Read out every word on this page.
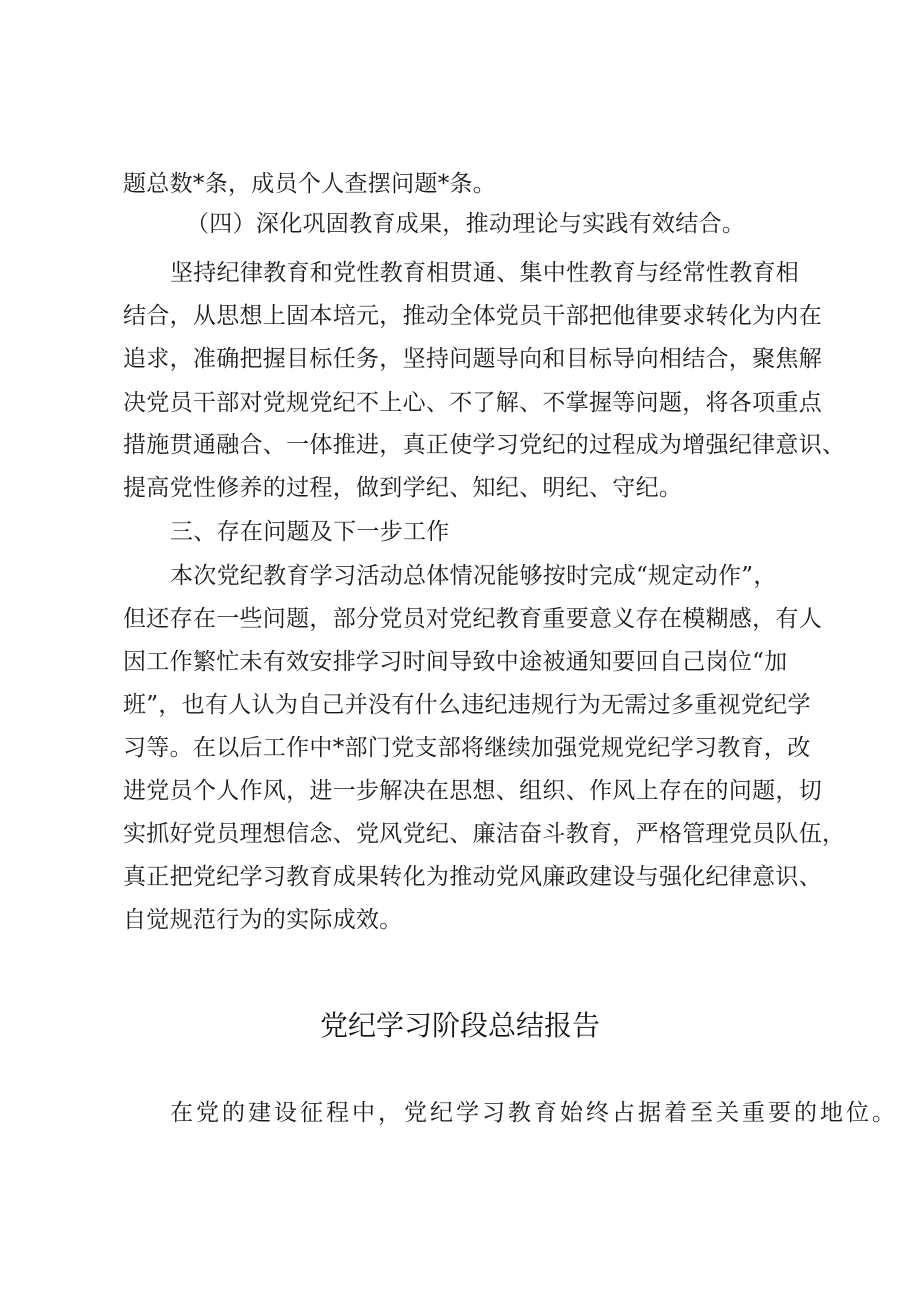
题总数*条，成员个人查摆问题*条。
（四）深化巩固教育成果，推动理论与实践有效结合。
坚持纪律教育和党性教育相贯通、集中性教育与经常性教育相
结合，从思想上固本培元，推动全体党员干部把他律要求转化为内在
追求，准确把握目标任务，坚持问题导向和目标导向相结合，聚焦解
决党员干部对党规党纪不上心、不了解、不掌握等问题，将各项重点
措施贯通融合、一体推进，真正使学习党纪的过程成为增强纪律意识、
提高党性修养的过程，做到学纪、知纪、明纪、守纪。
三、存在问题及下一步工作
本次党纪教育学习活动总体情况能够按时完成“规定动作”，
但还存在一些问题，部分党员对党纪教育重要意义存在模糊感，有人
因工作繁忙未有效安排学习时间导致中途被通知要回自己岗位“加
班”，也有人认为自己并没有什么违纪违规行为无需过多重视党纪学
习等。在以后工作中*部门党支部将继续加强党规党纪学习教育，改
进党员个人作风，进一步解决在思想、组织、作风上存在的问题，切
实抓好党员理想信念、党风党纪、廉洁奋斗教育，严格管理党员队伍，
真正把党纪学习教育成果转化为推动党风廉政建设与强化纪律意识、
自觉规范行为的实际成效。
党纪学习阶段总结报告
在党的建设征程中，党纪学习教育始终占据着至关重要的地位。
